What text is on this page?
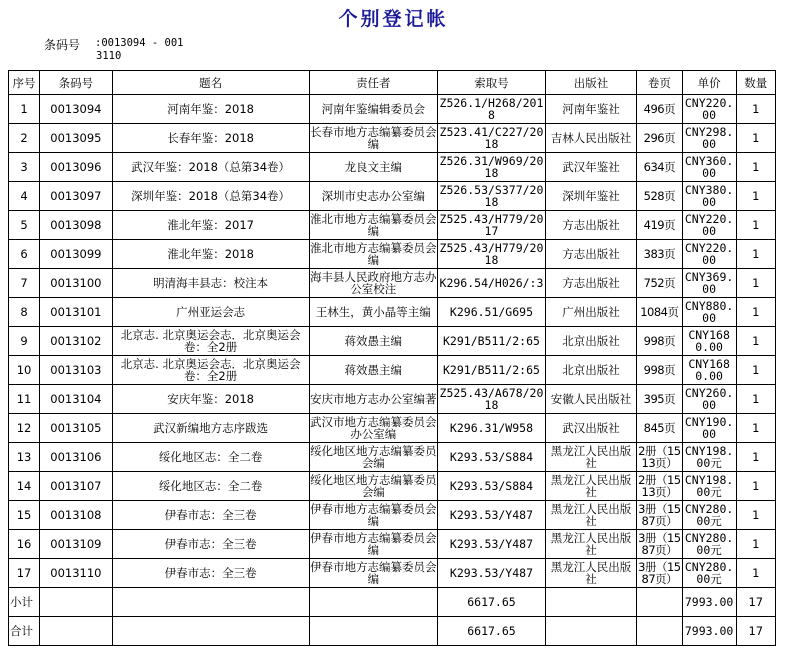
个别登记帐
条码号 :0013094 - 001
3110
序号	条码号	题名	责任者	索取号	出版社	卷页	单价	数量
1	0013094	河南年鉴：2018	河南年鉴编辑委员会	Z526.1/H268/2018	河南年鉴社	496页	CNY220.00	1
2	0013095	长春年鉴：2018	长春市地方志编纂委员会编	Z523.41/C227/2018	吉林人民出版社	296页	CNY298.00	1
3	0013096	武汉年鉴：2018（总第34卷）	龙良文主编	Z526.31/W969/2018	武汉年鉴社	634页	CNY360.00	1
4	0013097	深圳年鉴：2018（总第34卷）	深圳市史志办公室编	Z526.53/S377/2018	深圳年鉴社	528页	CNY380.00	1
5	0013098	淮北年鉴：2017	淮北市地方志编纂委员会编	Z525.43/H779/2017	方志出版社	419页	CNY220.00	1
6	0013099	淮北年鉴：2018	淮北市地方志编纂委员会编	Z525.43/H779/2018	方志出版社	383页	CNY220.00	1
7	0013100	明清海丰县志：校注本	海丰县人民政府地方志办公室校注	K296.54/H026/:3	方志出版社	752页	CNY369.00	1
8	0013101	广州亚运会志	王林生，黄小晶等主编	K296.51/G695	广州出版社	1084页	CNY880.00	1
9	0013102	北京志. 北京奥运会志．北京奥运会卷：全2册	蒋效愚主编	K291/B511/2:65	北京出版社	998页	CNY1680.00	1
10	0013103	北京志. 北京奥运会志．北京奥运会卷：全2册	蒋效愚主编	K291/B511/2:65	北京出版社	998页	CNY1680.00	1
11	0013104	安庆年鉴：2018	安庆市地方志办公室编著	Z525.43/A678/2018	安徽人民出版社	395页	CNY260.00	1
12	0013105	武汉新编地方志序跋选	武汉市地方志编纂委员会办公室编	K296.31/W958	武汉出版社	845页	CNY190.00	1
13	0013106	绥化地区志：全二卷	绥化地区地方志编纂委员会编	K293.53/S884	黑龙江人民出版社	2册（1513页）	CNY198.00元	1
14	0013107	绥化地区志：全二卷	绥化地区地方志编纂委员会编	K293.53/S884	黑龙江人民出版社	2册（1513页）	CNY198.00元	1
15	0013108	伊春市志：全三卷	伊春市地方志编纂委员会编	K293.53/Y487	黑龙江人民出版社	3册（1587页）	CNY280.00元	1
16	0013109	伊春市志：全三卷	伊春市地方志编纂委员会编	K293.53/Y487	黑龙江人民出版社	3册（1587页）	CNY280.00元	1
17	0013110	伊春市志：全三卷	伊春市地方志编纂委员会编	K293.53/Y487	黑龙江人民出版社	3册（1587页）	CNY280.00元	1
小计				6617.65			7993.00	17
合计				6617.65			7993.00	17
